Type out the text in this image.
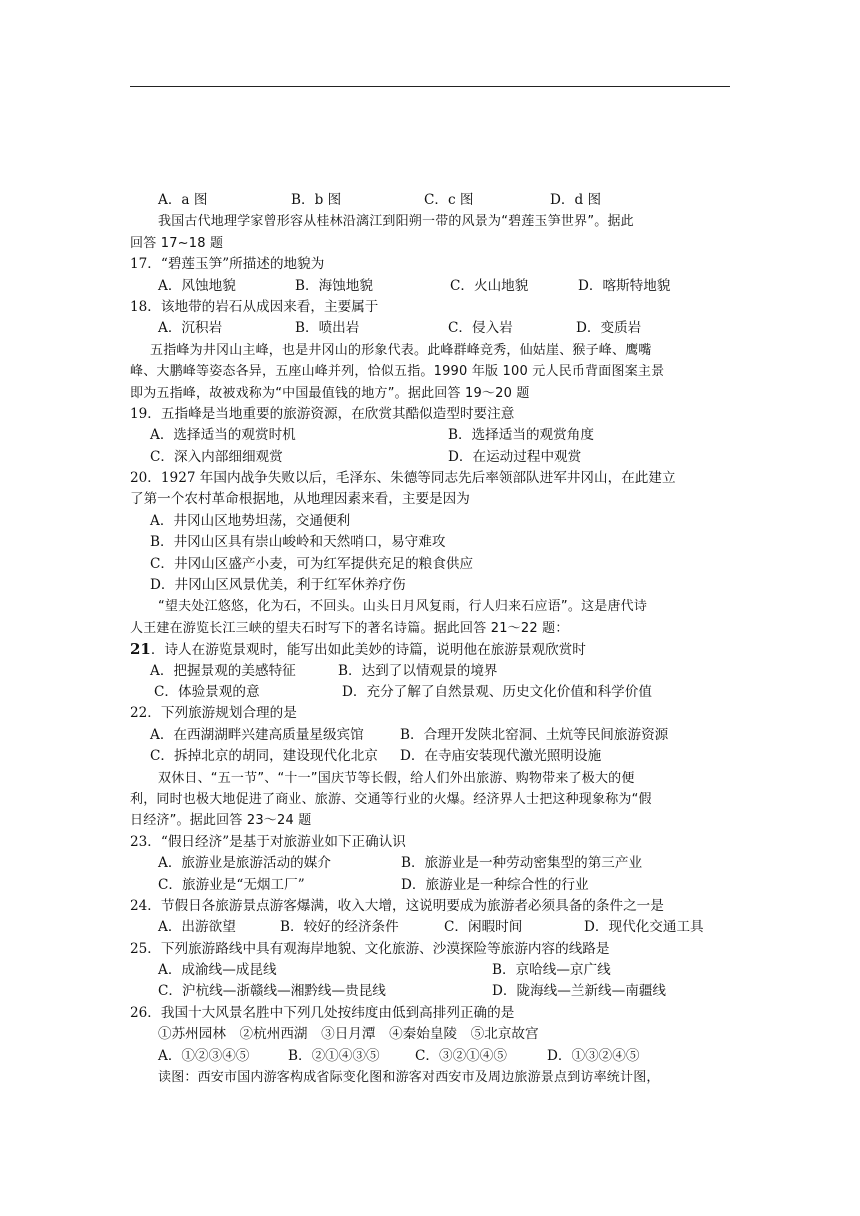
A．a 图	B．b 图	C．c 图	D．d 图
我国古代地理学家曾形容从桂林沿漓江到阳朔一带的风景为“碧莲玉笋世界”。据此
回答 17~18 题
17．“碧莲玉笋”所描述的地貌为
A．风蚀地貌	B．海蚀地貌	C．火山地貌	D．喀斯特地貌
18．该地带的岩石从成因来看，主要属于
A．沉积岩	B．喷出岩	C．侵入岩	D．变质岩
五指峰为井冈山主峰，也是井冈山的形象代表。此峰群峰竞秀，仙姑崖、猴子峰、鹰嘴
峰、大鹏峰等姿态各异，五座山峰并列，恰似五指。1990 年版 100 元人民币背面图案主景
即为五指峰，故被戏称为“中国最值钱的地方”。据此回答 19～20 题
19．五指峰是当地重要的旅游资源，在欣赏其酷似造型时要注意
A．选择适当的观赏时机	B．选择适当的观赏角度
C．深入内部细细观赏	D．在运动过程中观赏
20．1927 年国内战争失败以后，毛泽东、朱德等同志先后率领部队进军井冈山，在此建立
了第一个农村革命根据地，从地理因素来看，主要是因为
A．井冈山区地势坦荡，交通便利
B．井冈山区具有崇山峻岭和天然哨口，易守难攻
C．井冈山区盛产小麦，可为红军提供充足的粮食供应
D．井冈山区风景优美，利于红军休养疗伤
“望夫处江悠悠，化为石，不回头。山头日月风复雨，行人归来石应语”。这是唐代诗
人王建在游览长江三峡的望夫石时写下的著名诗篇。据此回答 21～22 题：
21．诗人在游览景观时，能写出如此美妙的诗篇，说明他在旅游景观欣赏时
A．把握景观的美感特征	B．达到了以情观景的境界
C．体验景观的意	D．充分了解了自然景观、历史文化价值和科学价值
22．下列旅游规划合理的是
A．在西湖湖畔兴建高质量星级宾馆	B．合理开发陕北窑洞、土炕等民间旅游资源
C．拆掉北京的胡同，建设现代化北京	D．在寺庙安装现代激光照明设施
双休日、“五一节”、“十一”国庆节等长假，给人们外出旅游、购物带来了极大的便
利，同时也极大地促进了商业、旅游、交通等行业的火爆。经济界人士把这种现象称为“假
日经济”。据此回答 23～24 题
23．“假日经济”是基于对旅游业如下正确认识
A．旅游业是旅游活动的媒介	B．旅游业是一种劳动密集型的第三产业
C．旅游业是“无烟工厂”	D．旅游业是一种综合性的行业
24．节假日各旅游景点游客爆满，收入大增，这说明要成为旅游者必须具备的条件之一是
A．出游欲望	B．较好的经济条件	C．闲暇时间	D．现代化交通工具
25．下列旅游路线中具有观海岸地貌、文化旅游、沙漠探险等旅游内容的线路是
A．成渝线—成昆线	B．京哈线—京广线
C．沪杭线—浙赣线—湘黔线—贵昆线	D．陇海线—兰新线—南疆线
26．我国十大风景名胜中下列几处按纬度由低到高排列正确的是
①苏州园林　②杭州西湖　③日月潭　④秦始皇陵　⑤北京故宫
A．①②③④⑤	B．②①④③⑤	C．③②①④⑤	D．①③②④⑤
读图：西安市国内游客构成省际变化图和游客对西安市及周边旅游景点到访率统计图，
